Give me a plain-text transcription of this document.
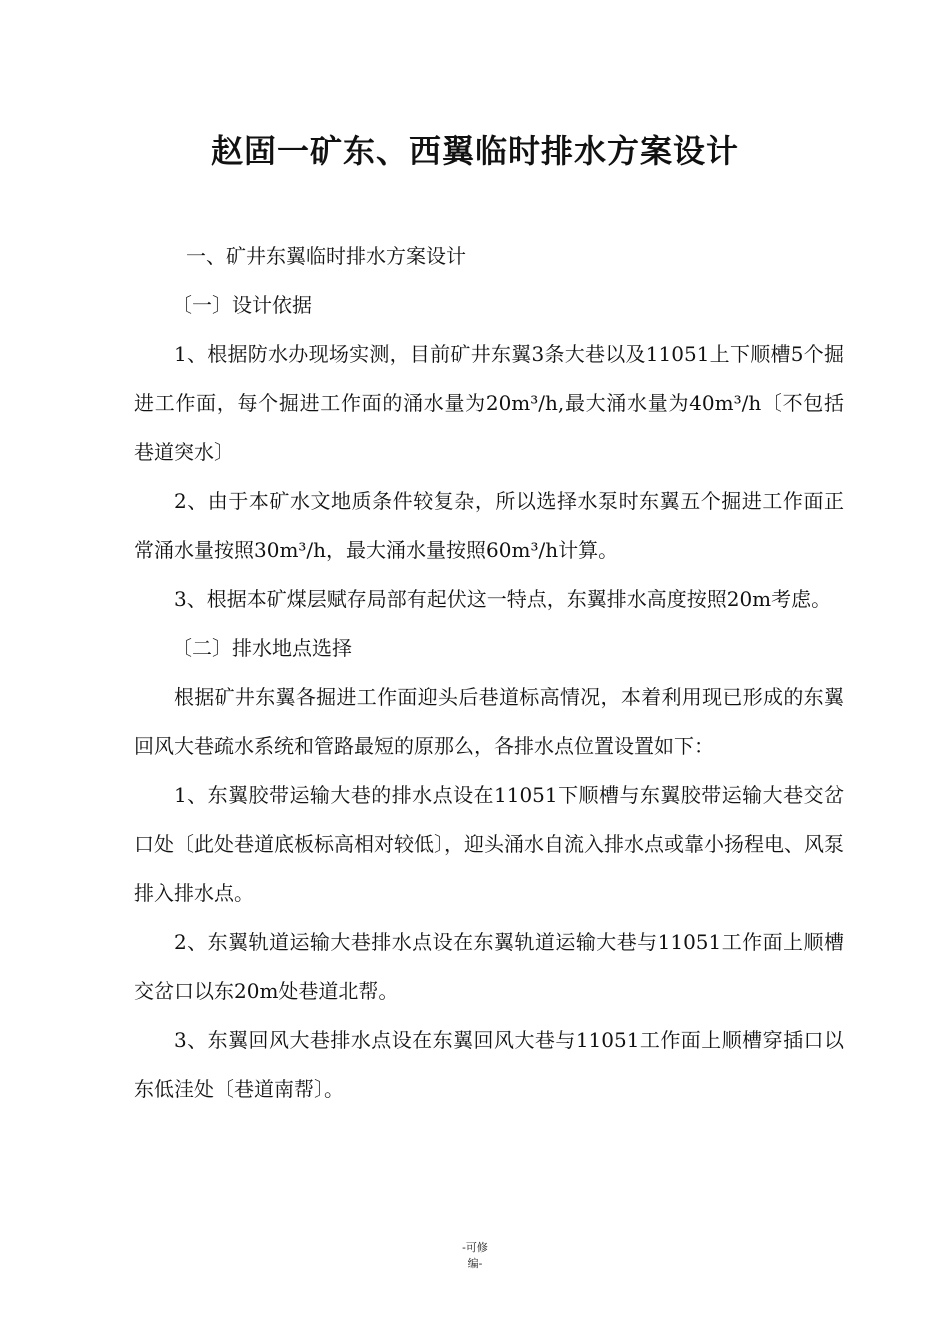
赵固一矿东、西翼临时排水方案设计

一、矿井东翼临时排水方案设计

〔一〕设计依据

1、根据防水办现场实测，目前矿井东翼3条大巷以及11051上下顺槽5个掘进工作面，每个掘进工作面的涌水量为20m³/h,最大涌水量为40m³/h〔不包括巷道突水〕

2、由于本矿水文地质条件较复杂，所以选择水泵时东翼五个掘进工作面正常涌水量按照30m³/h，最大涌水量按照60m³/h计算。

3、根据本矿煤层赋存局部有起伏这一特点，东翼排水高度按照20m考虑。

〔二〕排水地点选择

根据矿井东翼各掘进工作面迎头后巷道标高情况，本着利用现已形成的东翼回风大巷疏水系统和管路最短的原那么，各排水点位置设置如下：

1、东翼胶带运输大巷的排水点设在11051下顺槽与东翼胶带运输大巷交岔口处〔此处巷道底板标高相对较低〕，迎头涌水自流入排水点或靠小扬程电、风泵排入排水点。

2、东翼轨道运输大巷排水点设在东翼轨道运输大巷与11051工作面上顺槽交岔口以东20m处巷道北帮。

3、东翼回风大巷排水点设在东翼回风大巷与11051工作面上顺槽穿插口以东低洼处〔巷道南帮〕。

-可修
编-
